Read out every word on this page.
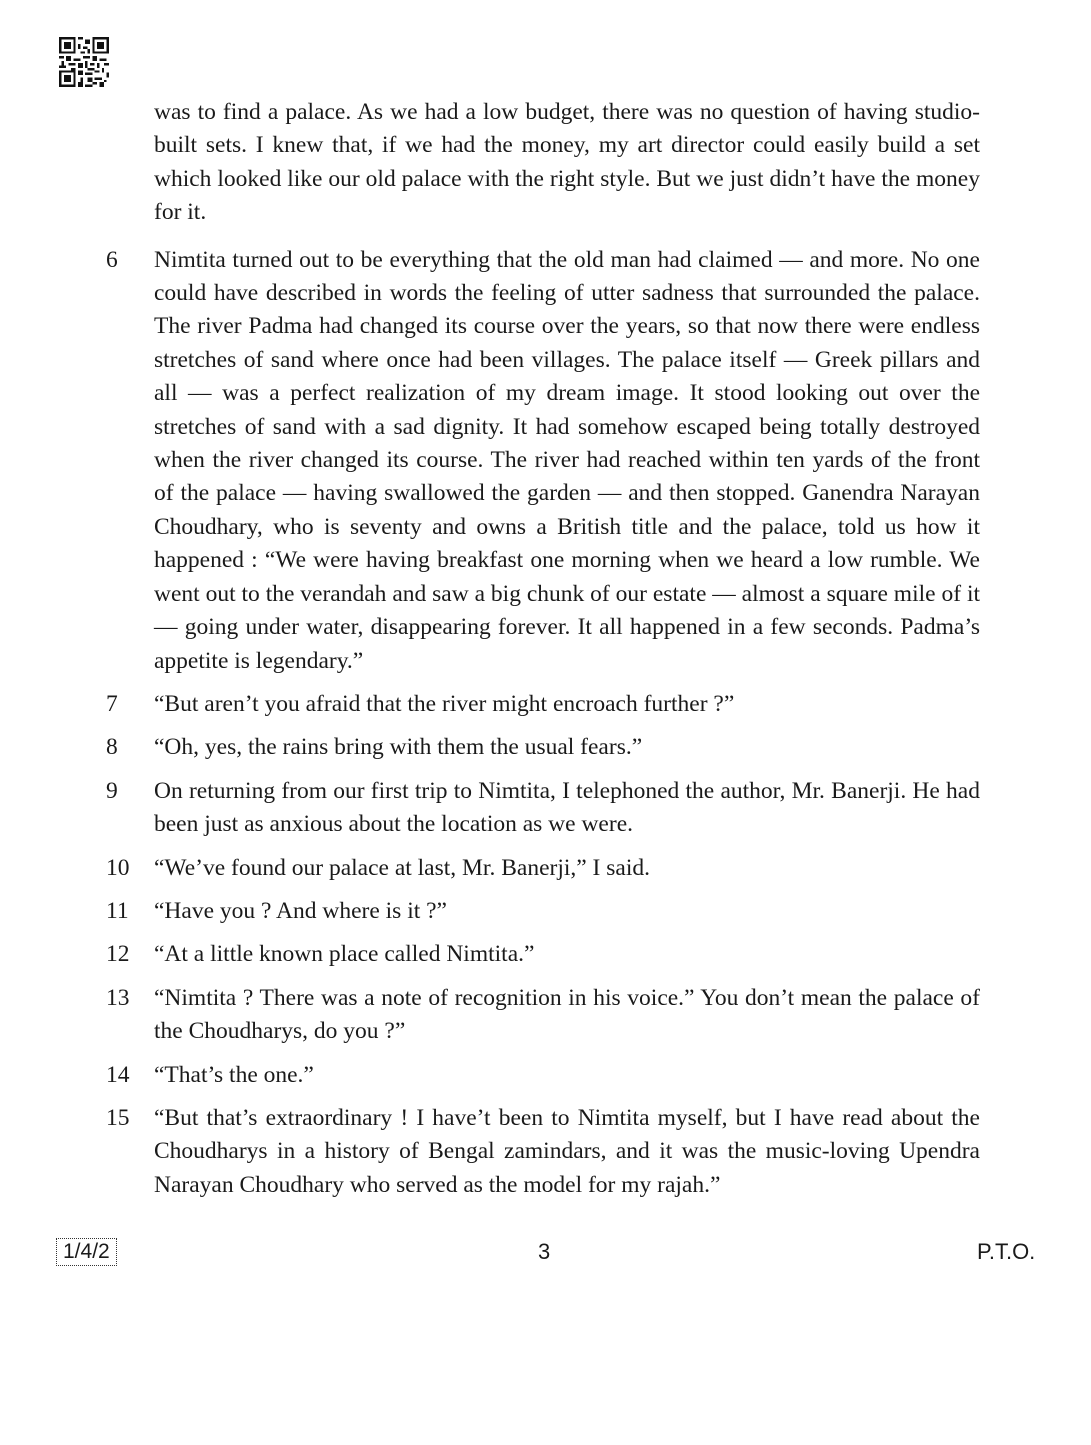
was to find a palace. As we had a low budget, there was no question of having studio-built sets. I knew that, if we had the money, my art director could easily build a set which looked like our old palace with the right style. But we just didn’t have the money for it.
6	Nimtita turned out to be everything that the old man had claimed — and more. No one could have described in words the feeling of utter sadness that surrounded the palace. The river Padma had changed its course over the years, so that now there were endless stretches of sand where once had been villages. The palace itself — Greek pillars and all — was a perfect realization of my dream image. It stood looking out over the stretches of sand with a sad dignity. It had somehow escaped being totally destroyed when the river changed its course. The river had reached within ten yards of the front of the palace — having swallowed the garden — and then stopped. Ganendra Narayan Choudhary, who is seventy and owns a British title and the palace, told us how it happened : “We were having breakfast one morning when we heard a low rumble. We went out to the verandah and saw a big chunk of our estate — almost a square mile of it — going under water, disappearing forever. It all happened in a few seconds. Padma’s appetite is legendary.”
7	“But aren’t you afraid that the river might encroach further ?”
8	“Oh, yes, the rains bring with them the usual fears.”
9	On returning from our first trip to Nimtita, I telephoned the author, Mr. Banerji. He had been just as anxious about the location as we were.
10	“We’ve found our palace at last, Mr. Banerji,” I said.
11	“Have you ? And where is it ?”
12	“At a little known place called Nimtita.”
13	“Nimtita ? There was a note of recognition in his voice.” You don’t mean the palace of the Choudharys, do you ?”
14	“That’s the one.”
15	“But that’s extraordinary ! I have’t been to Nimtita myself, but I have read about the Choudharys in a history of Bengal zamindars, and it was the music-loving Upendra Narayan Choudhary who served as the model for my rajah.”
1/4/2	3	P.T.O.
